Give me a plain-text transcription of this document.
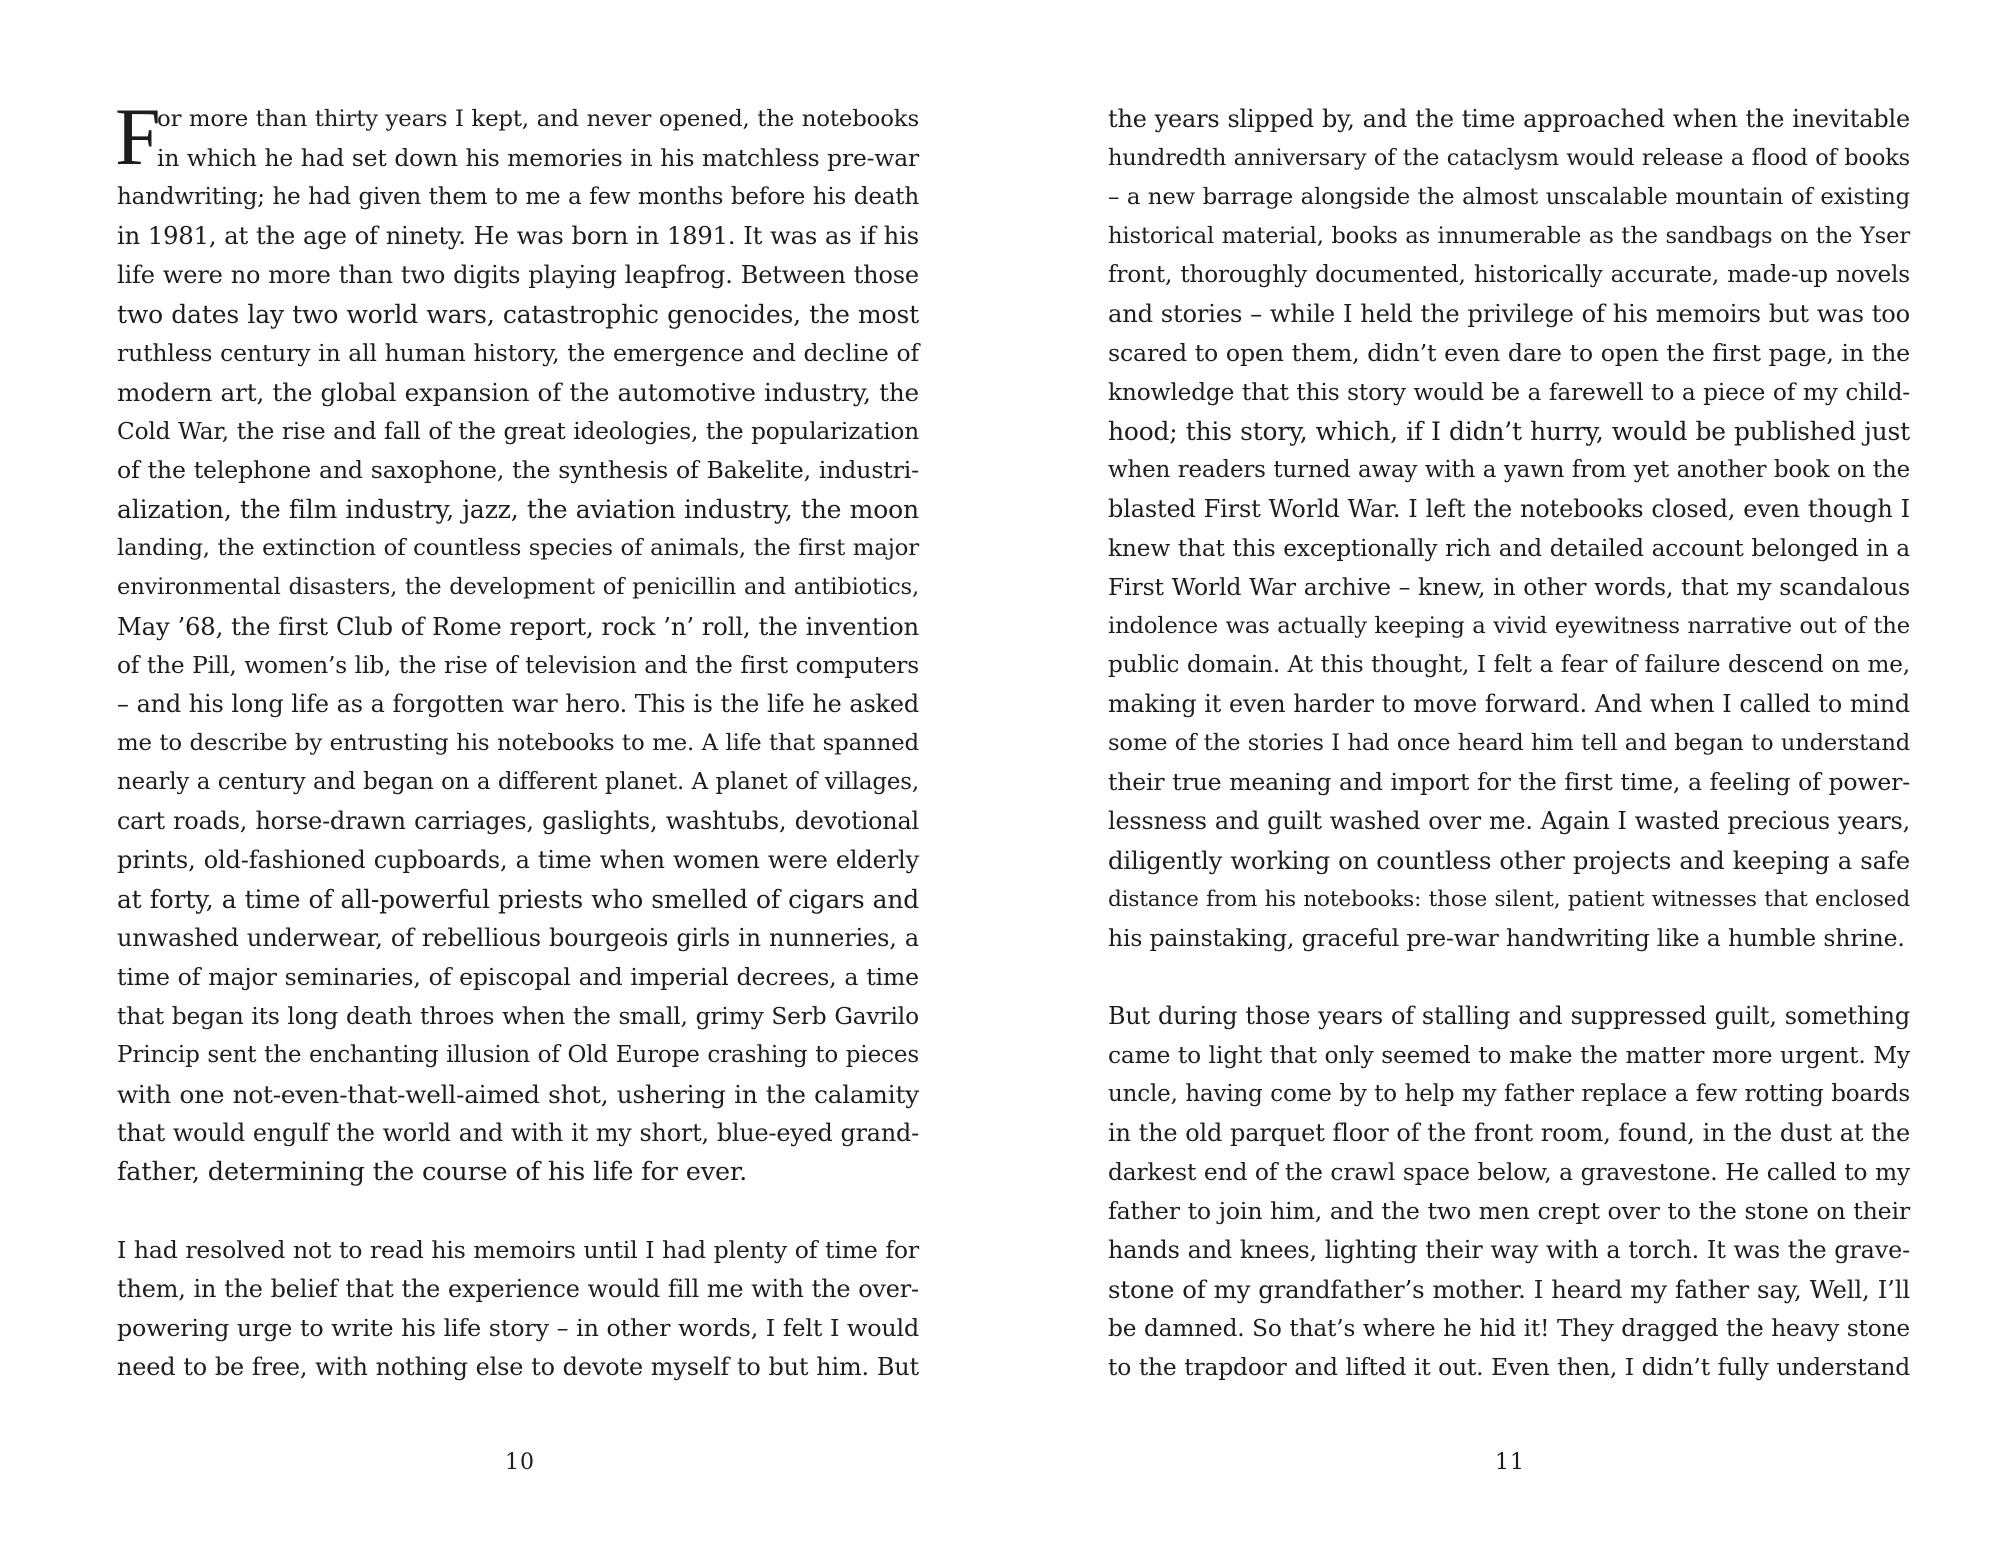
F
or more than thirty years I kept, and never opened, the notebooks
in which he had set down his memories in his matchless pre-war
handwriting; he had given them to me a few months before his death
in 1981, at the age of ninety. He was born in 1891. It was as if his
life were no more than two digits playing leapfrog. Between those
two dates lay two world wars, catastrophic genocides, the most
ruthless century in all human history, the emergence and decline of
modern art, the global expansion of the automotive industry, the
Cold War, the rise and fall of the great ideologies, the popularization
of the telephone and saxophone, the synthesis of Bakelite, industri-
alization, the film industry, jazz, the aviation industry, the moon
landing, the extinction of countless species of animals, the first major
environmental disasters, the development of penicillin and antibiotics,
May ’68, the first Club of Rome report, rock ’n’ roll, the invention
of the Pill, women’s lib, the rise of television and the first computers
– and his long life as a forgotten war hero. This is the life he asked
me to describe by entrusting his notebooks to me. A life that spanned
nearly a century and began on a different planet. A planet of villages,
cart roads, horse-drawn carriages, gaslights, washtubs, devotional
prints, old-fashioned cupboards, a time when women were elderly
at forty, a time of all-powerful priests who smelled of cigars and
unwashed underwear, of rebellious bourgeois girls in nunneries, a
time of major seminaries, of episcopal and imperial decrees, a time
that began its long death throes when the small, grimy Serb Gavrilo
Princip sent the enchanting illusion of Old Europe crashing to pieces
with one not-even-that-well-aimed shot, ushering in the calamity
that would engulf the world and with it my short, blue-eyed grand-
father, determining the course of his life for ever.
I had resolved not to read his memoirs until I had plenty of time for
them, in the belief that the experience would fill me with the over-
powering urge to write his life story – in other words, I felt I would
need to be free, with nothing else to devote myself to but him. But
the years slipped by, and the time approached when the inevitable
hundredth anniversary of the cataclysm would release a flood of books
– a new barrage alongside the almost unscalable mountain of existing
historical material, books as innumerable as the sandbags on the Yser
front, thoroughly documented, historically accurate, made-up novels
and stories – while I held the privilege of his memoirs but was too
scared to open them, didn’t even dare to open the first page, in the
knowledge that this story would be a farewell to a piece of my child-
hood; this story, which, if I didn’t hurry, would be published just
when readers turned away with a yawn from yet another book on the
blasted First World War. I left the notebooks closed, even though I
knew that this exceptionally rich and detailed account belonged in a
First World War archive – knew, in other words, that my scandalous
indolence was actually keeping a vivid eyewitness narrative out of the
public domain. At this thought, I felt a fear of failure descend on me,
making it even harder to move forward. And when I called to mind
some of the stories I had once heard him tell and began to understand
their true meaning and import for the first time, a feeling of power-
lessness and guilt washed over me. Again I wasted precious years,
diligently working on countless other projects and keeping a safe
distance from his notebooks: those silent, patient witnesses that enclosed
his painstaking, graceful pre-war handwriting like a humble shrine.
But during those years of stalling and suppressed guilt, something
came to light that only seemed to make the matter more urgent. My
uncle, having come by to help my father replace a few rotting boards
in the old parquet floor of the front room, found, in the dust at the
darkest end of the crawl space below, a gravestone. He called to my
father to join him, and the two men crept over to the stone on their
hands and knees, lighting their way with a torch. It was the grave-
stone of my grandfather’s mother. I heard my father say, Well, I’ll
be damned. So that’s where he hid it! They dragged the heavy stone
to the trapdoor and lifted it out. Even then, I didn’t fully understand
10	11
